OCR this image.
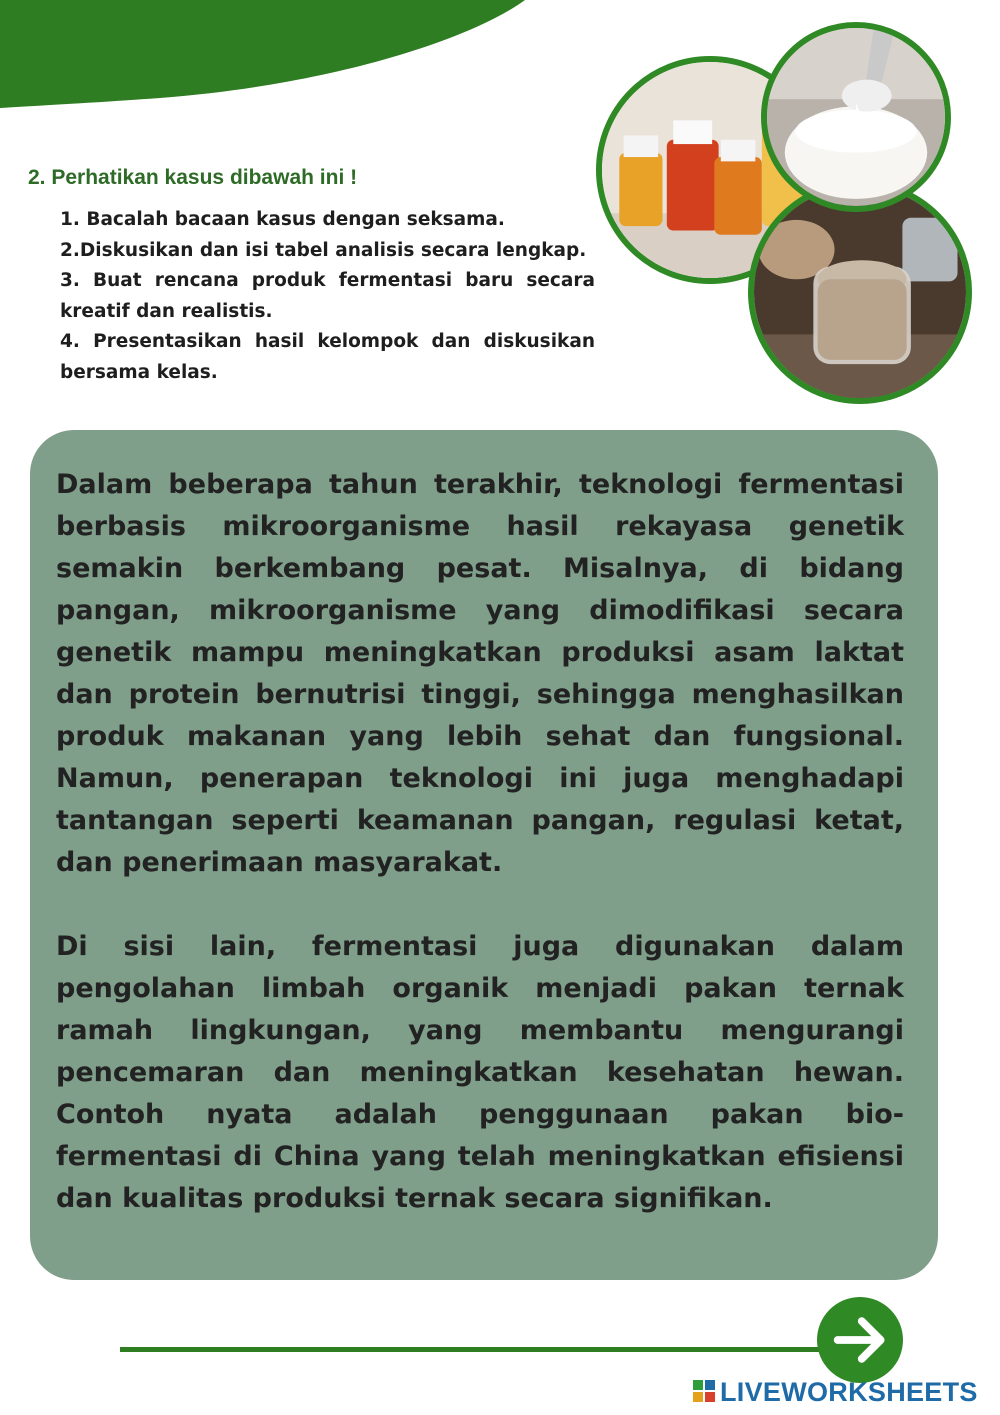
2. Perhatikan kasus dibawah ini !

1. Bacalah bacaan kasus dengan seksama.

2.Diskusikan dan isi tabel analisis secara lengkap.

3. Buat rencana produk fermentasi baru secara kreatif dan realistis.

4. Presentasikan hasil kelompok dan diskusikan bersama kelas.

Dalam beberapa tahun terakhir, teknologi fermentasi berbasis mikroorganisme hasil rekayasa genetik semakin berkembang pesat. Misalnya, di bidang pangan, mikroorganisme yang dimodifikasi secara genetik mampu meningkatkan produksi asam laktat dan protein bernutrisi tinggi, sehingga menghasilkan produk makanan yang lebih sehat dan fungsional. Namun, penerapan teknologi ini juga menghadapi tantangan seperti keamanan pangan, regulasi ketat, dan penerimaan masyarakat.

Di sisi lain, fermentasi juga digunakan dalam pengolahan limbah organik menjadi pakan ternak ramah lingkungan, yang membantu mengurangi pencemaran dan meningkatkan kesehatan hewan. Contoh nyata adalah penggunaan pakan bio-fermentasi di China yang telah meningkatkan efisiensi dan kualitas produksi ternak secara signifikan.

LIVEWORKSHEETS
